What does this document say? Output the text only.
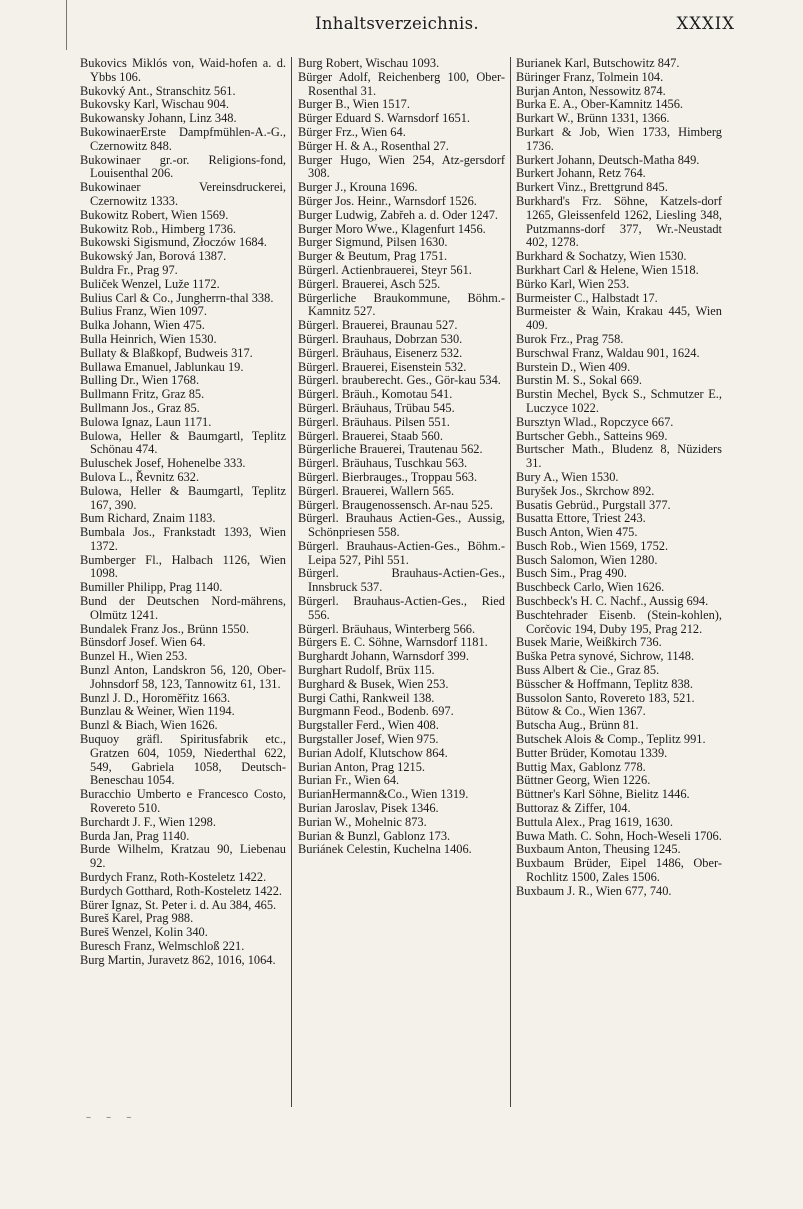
Inhaltsverzeichnis.	XXXIX
Bukovics Miklós von, Waid-hofen a. d. Ybbs 106.
Bukovký Ant., Stranschitz 561.
Bukovsky Karl, Wischau 904.
Bukowansky Johann, Linz 348.
BukowinaerErste Dampfmühlen-A.-G., Czernowitz 848.
Bukowinaer gr.-or. Religions-fond, Louisenthal 206.
Bukowinaer Vereinsdruckerei, Czernowitz 1333.
Bukowitz Robert, Wien 1569.
Bukowitz Rob., Himberg 1736.
Bukowski Sigismund, Złoczów 1684.
Bukowský Jan, Borová 1387.
Buldra Fr., Prag 97.
Buliček Wenzel, Luže 1172.
Bulius Carl & Co., Jungherrn-thal 338.
Bulius Franz, Wien 1097.
Bulka Johann, Wien 475.
Bulla Heinrich, Wien 1530.
Bullaty & Blaßkopf, Budweis 317.
Bullawa Emanuel, Jablunkau 19.
Bulling Dr., Wien 1768.
Bullmann Fritz, Graz 85.
Bullmann Jos., Graz 85.
Bulowa Ignaz, Laun 1171.
Bulowa, Heller & Baumgartl, Teplitz Schönau 474.
Buluschek Josef, Hohenelbe 333.
Bulova L., Řevnitz 632.
Bulowa, Heller & Baumgartl, Teplitz 167, 390.
Bum Richard, Znaim 1183.
Bumbala Jos., Frankstadt 1393, Wien 1372.
Bumberger Fl., Halbach 1126, Wien 1098.
Bumiller Philipp, Prag 1140.
Bund der Deutschen Nord-mährens, Olmütz 1241.
Bundalek Franz Jos., Brünn 1550.
Bünsdorf Josef. Wien 64.
Bunzel H., Wien 253.
Bunzl Anton, Landskron 56, 120, Ober-Johnsdorf 58, 123, Tannowitz 61, 131.
Bunzl J. D., Horoměřitz 1663.
Bunzlau & Weiner, Wien 1194.
Bunzl & Biach, Wien 1626.
Buquoy gräfl. Spiritusfabrik etc., Gratzen 604, 1059, Niederthal 622, 549, Gabriela 1058, Deutsch-Beneschau 1054.
Buracchio Umberto e Francesco Costo, Rovereto 510.
Burchardt J. F., Wien 1298.
Burda Jan, Prag 1140.
Burde Wilhelm, Kratzau 90, Liebenau 92.
Burdych Franz, Roth-Kosteletz 1422.
Burdych Gotthard, Roth-Kosteletz 1422.
Bürer Ignaz, St. Peter i. d. Au 384, 465.
Bureš Karel, Prag 988.
Bureš Wenzel, Kolin 340.
Buresch Franz, Welmschloß 221.
Burg Martin, Juravetz 862, 1016, 1064.
Burg Robert, Wischau 1093.
Bürger Adolf, Reichenberg 100, Ober-Rosenthal 31.
Burger B., Wien 1517.
Bürger Eduard S. Warnsdorf 1651.
Bürger Frz., Wien 64.
Bürger H. & A., Rosenthal 27.
Burger Hugo, Wien 254, Atz-gersdorf 308.
Burger J., Krouna 1696.
Bürger Jos. Heinr., Warnsdorf 1526.
Burger Ludwig, Zabřeh a. d. Oder 1247.
Burger Moro Wwe., Klagenfurt 1456.
Burger Sigmund, Pilsen 1630.
Burger & Beutum, Prag 1751.
Bürgerl. Actienbrauerei, Steyr 561.
Bürgerl. Brauerei, Asch 525.
Bürgerliche Braukommune, Böhm.-Kamnitz 527.
Bürgerl. Brauerei, Braunau 527.
Bürgerl. Brauhaus, Dobrzan 530.
Bürgerl. Bräuhaus, Eisenerz 532.
Bürgerl. Brauerei, Eisenstein 532.
Bürgerl. brauberecht. Ges., Gör-kau 534.
Bürgerl. Bräuh., Komotau 541.
Bürgerl. Bräuhaus, Trübau 545.
Bürgerl. Bräuhaus. Pilsen 551.
Bürgerl. Brauerei, Staab 560.
Bürgerliche Brauerei, Trautenau 562.
Bürgerl. Bräuhaus, Tuschkau 563.
Bürgerl. Bierbrauges., Troppau 563.
Bürgerl. Brauerei, Wallern 565.
Bürgerl. Braugenossensch. Ar-nau 525.
Bürgerl. Brauhaus Actien-Ges., Aussig, Schönpriesen 558.
Bürgerl. Brauhaus-Actien-Ges., Böhm.-Leipa 527, Pihl 551.
Bürgerl. Brauhaus-Actien-Ges., Innsbruck 537.
Bürgerl. Brauhaus-Actien-Ges., Ried 556.
Bürgerl. Bräuhaus, Winterberg 566.
Bürgers E. C. Söhne, Warnsdorf 1181.
Burghardt Johann, Warnsdorf 399.
Burghart Rudolf, Brüx 115.
Burghard & Busek, Wien 253.
Burgi Cathi, Rankweil 138.
Burgmann Feod., Bodenb. 697.
Burgstaller Ferd., Wien 408.
Burgstaller Josef, Wien 975.
Burian Adolf, Klutschow 864.
Burian Anton, Prag 1215.
Burian Fr., Wien 64.
BurianHermann&Co., Wien 1319.
Burian Jaroslav, Pisek 1346.
Burian W., Mohelnic 873.
Burian & Bunzl, Gablonz 173.
Buriánek Celestin, Kuchelna 1406.
Burianek Karl, Butschowitz 847.
Büringer Franz, Tolmein 104.
Burjan Anton, Nessowitz 874.
Burka E. A., Ober-Kamnitz 1456.
Burkart W., Brünn 1331, 1366.
Burkart & Job, Wien 1733, Himberg 1736.
Burkert Johann, Deutsch-Matha 849.
Burkert Johann, Retz 764.
Burkert Vinz., Brettgrund 845.
Burkhard's Frz. Söhne, Katzels-dorf 1265, Gleissenfeld 1262, Liesling 348, Putzmanns-dorf 377, Wr.-Neustadt 402, 1278.
Burkhard & Sochatzy, Wien 1530.
Burkhart Carl & Helene, Wien 1518.
Bürko Karl, Wien 253.
Burmeister C., Halbstadt 17.
Burmeister & Wain, Krakau 445, Wien 409.
Burok Frz., Prag 758.
Burschwal Franz, Waldau 901, 1624.
Burstein D., Wien 409.
Burstin M. S., Sokal 669.
Burstin Mechel, Byck S., Schmutzer E., Luczyce 1022.
Bursztyn Wlad., Ropczyce 667.
Burtscher Gebh., Satteins 969.
Burtscher Math., Bludenz 8, Nüziders 31.
Bury A., Wien 1530.
Buryšek Jos., Skrchow 892.
Busatis Gebrüd., Purgstall 377.
Busatta Ettore, Triest 243.
Busch Anton, Wien 475.
Busch Rob., Wien 1569, 1752.
Busch Salomon, Wien 1280.
Busch Sim., Prag 490.
Buschbeck Carlo, Wien 1626.
Buschbeck's H. C. Nachf., Aussig 694.
Buschtehrader Eisenb. (Stein-kohlen), Corčovic 194, Duby 195, Prag 212.
Busek Marie, Weißkirch 736.
Buška Petra synové, Sichrow, 1148.
Buss Albert & Cie., Graz 85.
Büsscher & Hoffmann, Teplitz 838.
Bussolon Santo, Rovereto 183, 521.
Bütow & Co., Wien 1367.
Butscha Aug., Brünn 81.
Butschek Alois & Comp., Teplitz 991.
Butter Brüder, Komotau 1339.
Buttig Max, Gablonz 778.
Büttner Georg, Wien 1226.
Büttner's Karl Söhne, Bielitz 1446.
Buttoraz & Ziffer, 104.
Buttula Alex., Prag 1619, 1630.
Buwa Math. C. Sohn, Hoch-Weseli 1706.
Buxbaum Anton, Theusing 1245.
Buxbaum Brüder, Eipel 1486, Ober-Rochlitz 1500, Zales 1506.
Buxbaum J. R., Wien 677, 740.
– – –
